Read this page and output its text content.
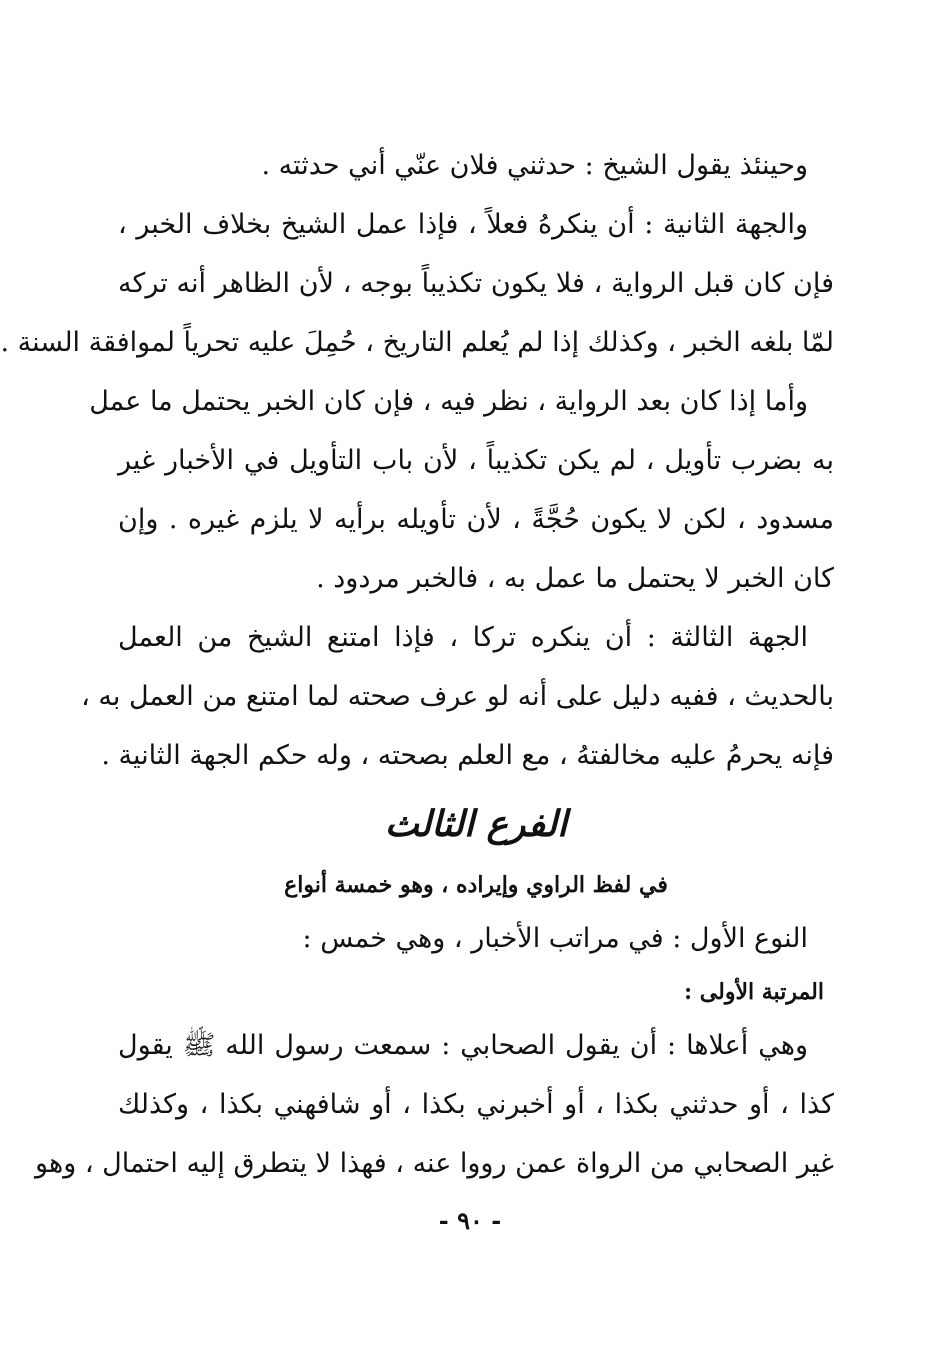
وحينئذ يقول الشيخ : حدثني فلان عنّي أني حدثته .
والجهة الثانية : أن ينكرهُ فعلاً ، فإذا عمل الشيخ بخلاف الخبر ،
فإن كان قبل الرواية ، فلا يكون تكذيباً بوجه ، لأن الظاهر أنه تركه
لمّا بلغه الخبر ، وكذلك إذا لم يُعلم التاريخ ، حُمِلَ عليه تحرياً لموافقة السنة .
وأما إذا كان بعد الرواية ، نظر فيه ، فإن كان الخبر يحتمل ما عمل
به بضرب تأويل ، لم يكن تكذيباً ، لأن باب التأويل في الأخبار غير
مسدود ، لكن لا يكون حُجَّةً ، لأن تأويله برأيه لا يلزم غيره . وإن
كان الخبر لا يحتمل ما عمل به ، فالخبر مردود .
الجهة الثالثة : أن ينكره تركا ، فإذا امتنع الشيخ من العمل
بالحديث ، ففيه دليل على أنه لو عرف صحته لما امتنع من العمل به ،
فإنه يحرمُ عليه مخالفتهُ ، مع العلم بصحته ، وله حكم الجهة الثانية .
الفرع الثالث
في لفظ الراوي وإيراده ، وهو خمسة أنواع
النوع الأول : في مراتب الأخبار ، وهي خمس :
المرتبة الأولى :
وهي أعلاها : أن يقول الصحابي : سمعت رسول الله ﷺ يقول
كذا ، أو حدثني بكذا ، أو أخبرني بكذا ، أو شافهني بكذا ، وكذلك
غير الصحابي من الرواة عمن رووا عنه ، فهذا لا يتطرق إليه احتمال ، وهو
- ٩٠ -
